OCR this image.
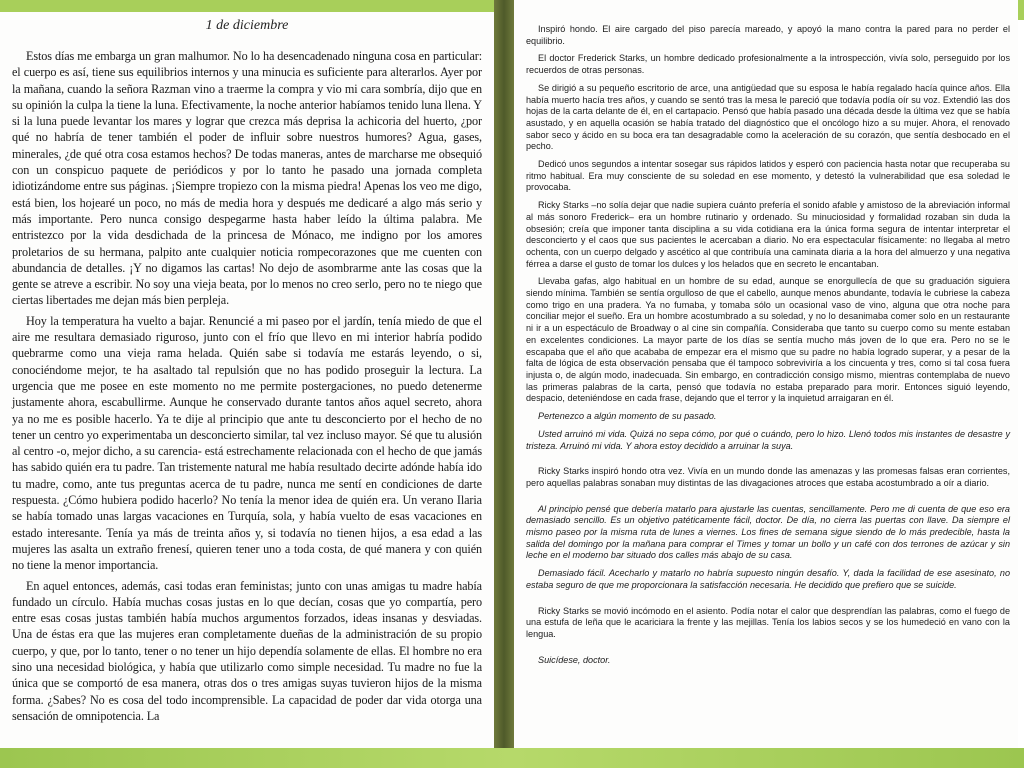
1 de diciembre

Estos días me embarga un gran malhumor. No lo ha desencadenado ninguna cosa en particular: el cuerpo es así, tiene sus equilibrios internos y una minucia es suficiente para alterarlos. Ayer por la mañana, cuando la señora Razman vino a traerme la compra y vio mi cara sombría, dijo que en su opinión la culpa la tiene la luna. Efectivamente, la noche anterior habíamos tenido luna llena. Y si la luna puede levantar los mares y lograr que crezca más deprisa la achicoria del huerto, ¿por qué no habría de tener también el poder de influir sobre nuestros humores? Agua, gases, minerales, ¿de qué otra cosa estamos hechos? De todas maneras, antes de marcharse me obsequió con un conspicuo paquete de periódicos y por lo tanto he pasado una jornada completa idiotizándome entre sus páginas. ¡Siempre tropiezo con la misma piedra! Apenas los veo me digo, está bien, los hojearé un poco, no más de media hora y después me dedicaré a algo más serio y más importante. Pero nunca consigo despegarme hasta haber leído la última palabra. Me entristezco por la vida desdichada de la princesa de Mónaco, me indigno por los amores proletarios de su hermana, palpito ante cualquier noticia rompecorazones que me cuenten con abundancia de detalles. ¡Y no digamos las cartas! No dejo de asombrarme ante las cosas que la gente se atreve a escribir. No soy una vieja beata, por lo menos no creo serlo, pero no te niego que ciertas libertades me dejan más bien perpleja.

Hoy la temperatura ha vuelto a bajar. Renuncié a mi paseo por el jardín, tenía miedo de que el aire me resultara demasiado riguroso, junto con el frío que llevo en mi interior habría podido quebrarme como una vieja rama helada. Quién sabe si todavía me estarás leyendo, o si, conociéndome mejor, te ha asaltado tal repulsión que no has podido proseguir la lectura. La urgencia que me posee en este momento no me permite postergaciones, no puedo detenerme justamente ahora, escabullirme. Aunque he conservado durante tantos años aquel secreto, ahora ya no me es posible hacerlo. Ya te dije al principio que ante tu desconcierto por el hecho de no tener un centro yo experimentaba un desconcierto similar, tal vez incluso mayor. Sé que tu alusión al centro -o, mejor dicho, a su carencia- está estrechamente relacionada con el hecho de que jamás has sabido quién era tu padre. Tan tristemente natural me había resultado decirte adónde había ido tu madre, como, ante tus preguntas acerca de tu padre, nunca me sentí en condiciones de darte respuesta. ¿Cómo hubiera podido hacerlo? No tenía la menor idea de quién era. Un verano Ilaria se había tomado unas largas vacaciones en Turquía, sola, y había vuelto de esas vacaciones en estado interesante. Tenía ya más de treinta años y, si todavía no tienen hijos, a esa edad a las mujeres las asalta un extraño frenesí, quieren tener uno a toda costa, de qué manera y con quién no tiene la menor importancia.

En aquel entonces, además, casi todas eran feministas; junto con unas amigas tu madre había fundado un círculo. Había muchas cosas justas en lo que decían, cosas que yo compartía, pero entre esas cosas justas también había muchos argumentos forzados, ideas insanas y desviadas. Una de éstas era que las mujeres eran completamente dueñas de la administración de su propio cuerpo, y que, por lo tanto, tener o no tener un hijo dependía solamente de ellas. El hombre no era sino una necesidad biológica, y había que utilizarlo como simple necesidad. Tu madre no fue la única que se comportó de esa manera, otras dos o tres amigas suyas tuvieron hijos de la misma forma. ¿Sabes? No es cosa del todo incomprensible. La capacidad de poder dar vida otorga una sensación de omnipotencia. La

Inspiró hondo. El aire cargado del piso parecía mareado, y apoyó la mano contra la pared para no perder el equilibrio.

El doctor Frederick Starks, un hombre dedicado profesionalmente a la introspección, vivía solo, perseguido por los recuerdos de otras personas.

Se dirigió a su pequeño escritorio de arce, una antigüedad que su esposa le había regalado hacía quince años. Ella había muerto hacía tres años, y cuando se sentó tras la mesa le pareció que todavía podía oír su voz. Extendió las dos hojas de la carta delante de él, en el cartapacio. Pensó que había pasado una década desde la última vez que se había asustado, y en aquella ocasión se había tratado del diagnóstico que el oncólogo hizo a su mujer. Ahora, el renovado sabor seco y ácido en su boca era tan desagradable como la aceleración de su corazón, que sentía desbocado en el pecho.

Dedicó unos segundos a intentar sosegar sus rápidos latidos y esperó con paciencia hasta notar que recuperaba su ritmo habitual. Era muy consciente de su soledad en ese momento, y detestó la vulnerabilidad que esa soledad le provocaba.

Ricky Starks –no solía dejar que nadie supiera cuánto prefería el sonido afable y amistoso de la abreviación informal al más sonoro Frederick– era un hombre rutinario y ordenado. Su minuciosidad y formalidad rozaban sin duda la obsesión; creía que imponer tanta disciplina a su vida cotidiana era la única forma segura de intentar interpretar el desconcierto y el caos que sus pacientes le acercaban a diario. No era espectacular físicamente: no llegaba al metro ochenta, con un cuerpo delgado y ascético al que contribuía una caminata diaria a la hora del almuerzo y una negativa férrea a darse el gusto de tomar los dulces y los helados que en secreto le encantaban.

Llevaba gafas, algo habitual en un hombre de su edad, aunque se enorgullecía de que su graduación siguiera siendo mínima. También se sentía orgulloso de que el cabello, aunque menos abundante, todavía le cubriese la cabeza como trigo en una pradera. Ya no fumaba, y tomaba sólo un ocasional vaso de vino, alguna que otra noche para conciliar mejor el sueño. Era un hombre acostumbrado a su soledad, y no lo desanimaba comer solo en un restaurante ni ir a un espectáculo de Broadway o al cine sin compañía. Consideraba que tanto su cuerpo como su mente estaban en excelentes condiciones. La mayor parte de los días se sentía mucho más joven de lo que era. Pero no se le escapaba que el año que acababa de empezar era el mismo que su padre no había logrado superar, y a pesar de la falta de lógica de esta observación pensaba que él tampoco sobreviviría a los cincuenta y tres, como si tal cosa fuera injusta o, de algún modo, inadecuada. Sin embargo, en contradicción consigo mismo, mientras contemplaba de nuevo las primeras palabras de la carta, pensó que todavía no estaba preparado para morir. Entonces siguió leyendo, despacio, deteniéndose en cada frase, dejando que el terror y la inquietud arraigaran en él.

Pertenezco a algún momento de su pasado.

Usted arruinó mi vida. Quizá no sepa cómo, por qué o cuándo, pero lo hizo. Llenó todos mis instantes de desastre y tristeza. Arruinó mi vida. Y ahora estoy decidido a arruinar la suya.

Ricky Starks inspiró hondo otra vez. Vivía en un mundo donde las amenazas y las promesas falsas eran corrientes, pero aquellas palabras sonaban muy distintas de las divagaciones atroces que estaba acostumbrado a oír a diario.

Al principio pensé que debería matarlo para ajustarle las cuentas, sencillamente. Pero me di cuenta de que eso era demasiado sencillo. Es un objetivo patéticamente fácil, doctor. De día, no cierra las puertas con llave. Da siempre el mismo paseo por la misma ruta de lunes a viernes. Los fines de semana sigue siendo de lo más predecible, hasta la salida del domingo por la mañana para comprar el Times y tomar un bollo y un café con dos terrones de azúcar y sin leche en el moderno bar situado dos calles más abajo de su casa.

Demasiado fácil. Acecharlo y matarlo no habría supuesto ningún desafío. Y, dada la facilidad de ese asesinato, no estaba seguro de que me proporcionara la satisfacción necesaria. He decidido que prefiero que se suicide.

Ricky Starks se movió incómodo en el asiento. Podía notar el calor que desprendían las palabras, como el fuego de una estufa de leña que le acariciara la frente y las mejillas. Tenía los labios secos y se los humedeció en vano con la lengua.

Suicídese, doctor.
